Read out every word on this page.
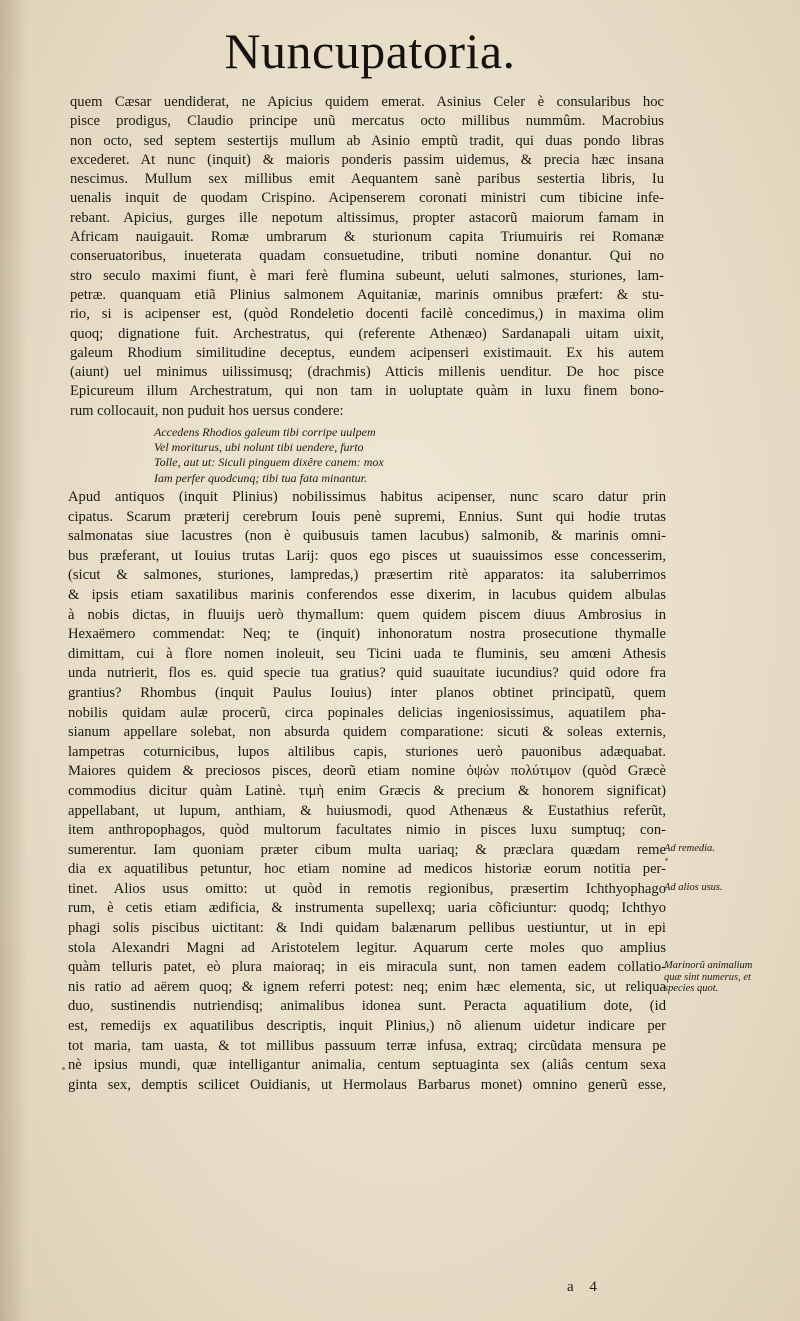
Nuncupatoria.
quem Cæsar uendiderat, ne Apicius quidem emerat. Asinius Celer è consularibus hoc
pisce prodigus, Claudio principe unũ mercatus octo millibus nummûm. Macrobius
non octo, sed septem sestertijs mullum ab Asinio emptũ tradit, qui duas pondo libras
excederet. At nunc (inquit) & maioris ponderis passim uidemus, & precia hæc insana
nescimus. Mullum sex millibus emit Aequantem sanè paribus sestertia libris, Iu
uenalis inquit de quodam Crispino. Acipenserem coronati ministri cum tibicine infe-
rebant. Apicius, gurges ille nepotum altissimus, propter astacorũ maiorum famam in
Africam nauigauit. Romæ umbrarum & sturionum capita Triumuiris rei Romanæ
conseruatoribus, inueterata quadam consuetudine, tributi nomine donantur. Qui no
stro seculo maximi fiunt, è mari ferè flumina subeunt, ueluti salmones, sturiones, lam-
petræ. quanquam etiã Plinius salmonem Aquitaniæ, marinis omnibus præfert: & stu-
rio, si is acipenser est, (quòd Rondeletio docenti facilè concedimus,) in maxima olim
quoq; dignatione fuit. Archestratus, qui (referente Athenæo) Sardanapali uitam uixit,
galeum Rhodium similitudine deceptus, eundem acipenseri existimauit. Ex his autem
(aiunt) uel minimus uilissimusq; (drachmis) Atticis millenis uenditur. De hoc pisce
Epicureum illum Archestratum, qui non tam in uoluptate quàm in luxu finem bono-
rum collocauit, non puduit hos uersus condere:
Accedens Rhodios galeum tibi corripe uulpem
Vel moriturus, ubi nolunt tibi uendere, furto
Tolle, aut ut: Siculi pinguem dixêre canem: mox
Iam perfer quodcunq; tibi tua fata minantur.
Apud antiquos (inquit Plinius) nobilissimus habitus acipenser, nunc scaro datur prin
cipatus. Scarum præterij cerebrum Iouis penè supremi, Ennius. Sunt qui hodie trutas
salmonatas siue lacustres (non è quibusuis tamen lacubus) salmonib, & marinis omni-
bus præferant, ut Iouius trutas Larij: quos ego pisces ut suauissimos esse concesserim,
(sicut & salmones, sturiones, lampredas,) præsertim ritè apparatos: ita saluberrimos
& ipsis etiam saxatilibus marinis conferendos esse dixerim, in lacubus quidem albulas
à nobis dictas, in fluuijs uerò thymallum: quem quidem piscem diuus Ambrosius in
Hexaëmero commendat: Neq; te (inquit) inhonoratum nostra prosecutione thymalle
dimittam, cui à flore nomen inoleuit, seu Ticini uada te fluminis, seu amœni Athesis
unda nutrierit, flos es. quid specie tua gratius? quid suauitate iucundius? quid odore fra
grantius? Rhombus (inquit Paulus Iouius) inter planos obtinet principatũ, quem
nobilis quidam aulæ procerũ, circa popinales delicias ingeniosissimus, aquatilem pha-
sianum appellare solebat, non absurda quidem comparatione: sicuti & soleas externis,
lampetras coturnicibus, lupos altilibus capis, sturiones uerò pauonibus adæquabat.
Maiores quidem & preciosos pisces, deorũ etiam nomine ὀψὼν πολύτιμον (quòd Græcè
commodius dicitur quàm Latinè. τιμὴ enim Græcis & precium & honorem significat)
appellabant, ut lupum, anthiam, & huiusmodi, quod Athenæus & Eustathius referũt,
item anthropophagos, quòd multorum facultates nimio in pisces luxu sumptuq; con-
sumerentur. Iam quoniam præter cibum multa uariaq; & præclara quædam reme
dia ex aquatilibus petuntur, hoc etiam nomine ad medicos historiæ eorum notitia per-
tinet. Alios usus omitto: ut quòd in remotis regionibus, præsertim Ichthyophago
rum, è cetis etiam ædificia, & instrumenta supellexq; uaria cõficiuntur: quodq; Ichthyo
phagi solis piscibus uictitant: & Indi quidam balænarum pellibus uestiuntur, ut in epi
stola Alexandri Magni ad Aristotelem legitur. Aquarum certe moles quo amplius
quàm telluris patet, eò plura maioraq; in eis miracula sunt, non tamen eadem collatio-
nis ratio ad aërem quoq; & ignem referri potest: neq; enim hæc elementa, sic, ut reliqua
duo, sustinendis nutriendisq; animalibus idonea sunt. Peracta aquatilium dote, (id
est, remedijs ex aquatilibus descriptis, inquit Plinius,) nõ alienum uidetur indicare per
tot maria, tam uasta, & tot millibus passuum terræ infusa, extraq; circũdata mensura pe
nè ipsius mundi, quæ intelligantur animalia, centum septuaginta sex (aliâs centum sexa
ginta sex, demptis scilicet Ouidianis, ut Hermolaus Barbarus monet) omnino generũ esse,
Ad remedia.
Ad alios usus.
Marinorũ animalium quæ sint numerus, et species quot.
a 4
